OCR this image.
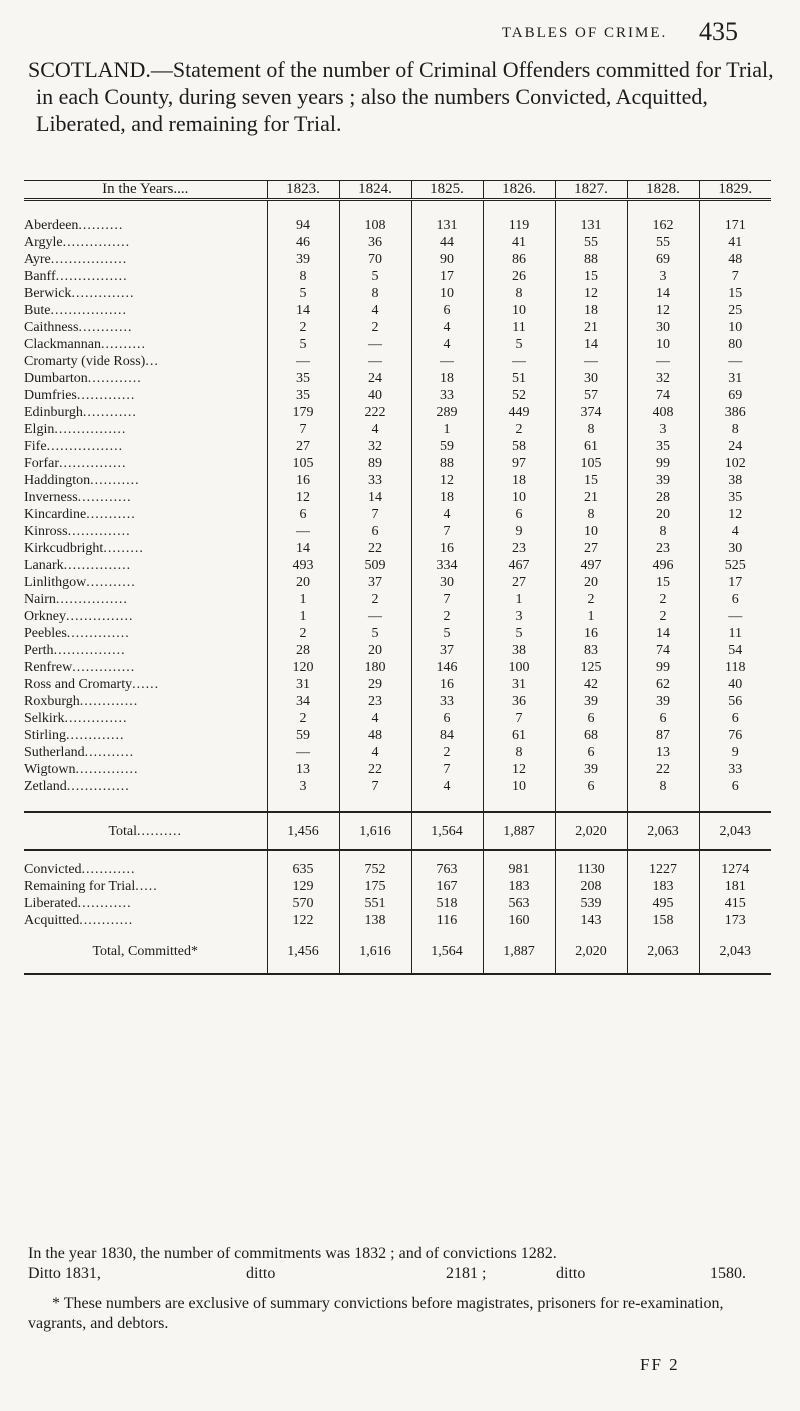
TABLES OF CRIME. 435
SCOTLAND.—Statement of the number of Criminal Offenders committed for Trial, in each County, during seven years ; also the numbers Convicted, Acquitted, Liberated, and remaining for Trial.
In the Years....	1823.	1824.	1825.	1826.	1827.	1828.	1829.

Aberdeen..........	94	108	131	119	131	162	171
Argyle...............	46	36	44	41	55	55	41
Ayre.................	39	70	90	86	88	69	48
Banff................	8	5	17	26	15	3	7
Berwick..............	5	8	10	8	12	14	15
Bute.................	14	4	6	10	18	12	25
Caithness............	2	2	4	11	21	30	10
Clackmannan..........	5	—	4	5	14	10	80
Cromarty (vide Ross)...	—	—	—	—	—	—	—
Dumbarton............	35	24	18	51	30	32	31
Dumfries.............	35	40	33	52	57	74	69
Edinburgh............	179	222	289	449	374	408	386
Elgin................	7	4	1	2	8	3	8
Fife.................	27	32	59	58	61	35	24
Forfar...............	105	89	88	97	105	99	102
Haddington...........	16	33	12	18	15	39	38
Inverness............	12	14	18	10	21	28	35
Kincardine...........	6	7	4	6	8	20	12
Kinross..............	—	6	7	9	10	8	4
Kirkcudbright.........	14	22	16	23	27	23	30
Lanark...............	493	509	334	467	497	496	525
Linlithgow...........	20	37	30	27	20	15	17
Nairn................	1	2	7	1	2	2	6
Orkney...............	1	—	2	3	1	2	—
Peebles..............	2	5	5	5	16	14	11
Perth................	28	20	37	38	83	74	54
Renfrew..............	120	180	146	100	125	99	118
Ross and Cromarty......	31	29	16	31	42	62	40
Roxburgh.............	34	23	33	36	39	39	56
Selkirk..............	2	4	6	7	6	6	6
Stirling.............	59	48	84	61	68	87	76
Sutherland...........	—	4	2	8	6	13	9
Wigtown..............	13	22	7	12	39	22	33
Zetland..............	3	7	4	10	6	8	6

Total..........	1,456	1,616	1,564	1,887	2,020	2,063	2,043

Convicted............	635	752	763	981	1130	1227	1274
Remaining for Trial.....	129	175	167	183	208	183	181
Liberated............	570	551	518	563	539	495	415
Acquitted............	122	138	116	160	143	158	173
Total, Committed*	1,456	1,616	1,564	1,887	2,020	2,063	2,043
In the year 1830, the number of commitments was 1832 ; and of convictions 1282.
Ditto 1831,	ditto	2181 ;	ditto	1580.
* These numbers are exclusive of summary convictions before magistrates, prisoners for re-examination, vagrants, and debtors.
FF 2
